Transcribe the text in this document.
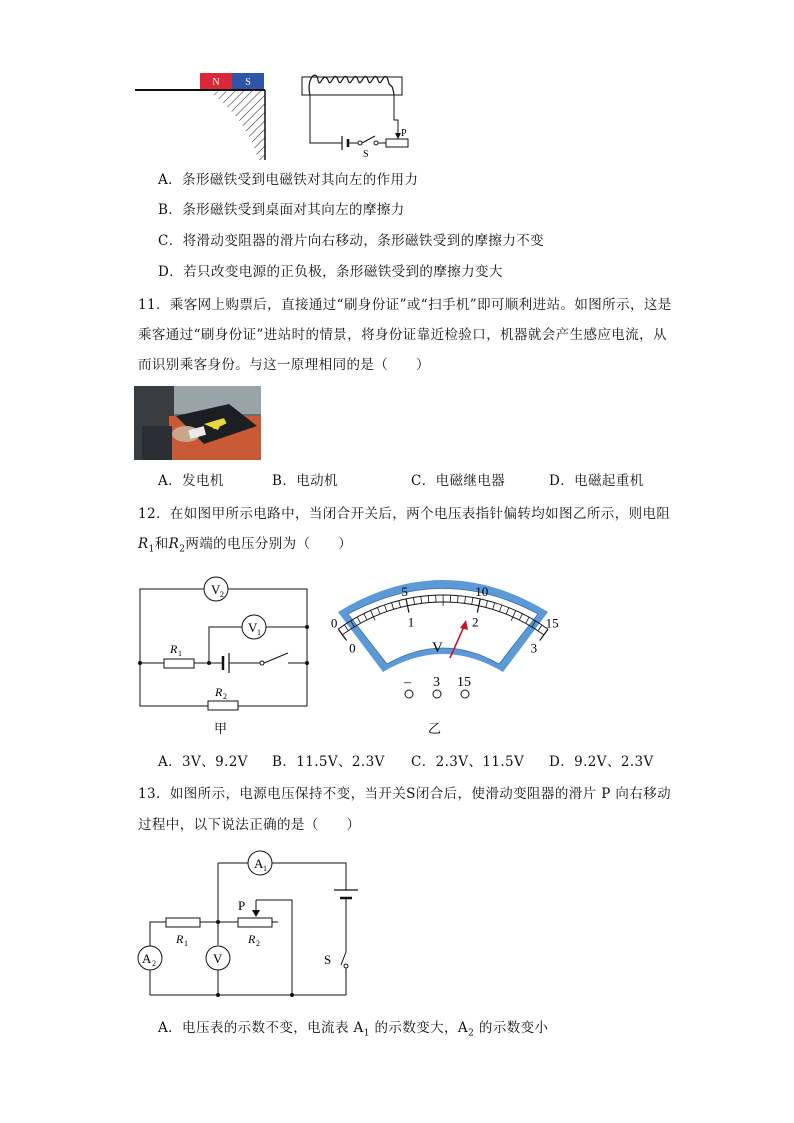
N	S
S
P
A．条形磁铁受到电磁铁对其向左的作用力
B．条形磁铁受到桌面对其向左的摩擦力
C．将滑动变阻器的滑片向右移动，条形磁铁受到的摩擦力不变
D．若只改变电源的正负极，条形磁铁受到的摩擦力变大
11．乘客网上购票后，直接通过“刷身份证”或“扫手机”即可顺利进站。如图所示，这是
乘客通过“刷身份证”进站时的情景，将身份证靠近检验口，机器就会产生感应电流，从
而识别乘客身份。与这一原理相同的是（　　）
A．发电机	B．电动机	C．电磁继电器	D．电磁起重机
12．在如图甲所示电路中，当闭合开关后，两个电压表指针偏转均如图乙所示，则电阻
$R_1$和$R_2$两端的电压分别为（　　）
V 2
R 1
V 1
R 2
甲
0
5	10
15
0
1	2
3
V
– 3 15
乙
A．3V、9.2V B．11.5V、2.3V C．2.3V、11.5V D．9.2V、2.3V
13．如图所示，电源电压保持不变，当开关S闭合后，使滑动变阻器的滑片 P 向右移动
过程中，以下说法正确的是（　　）
A 1
S
R 1
A 2	V
R 2
P
A．电压表的示数不变，电流表 $A_1$ 的示数变大，$A_2$ 的示数变小
